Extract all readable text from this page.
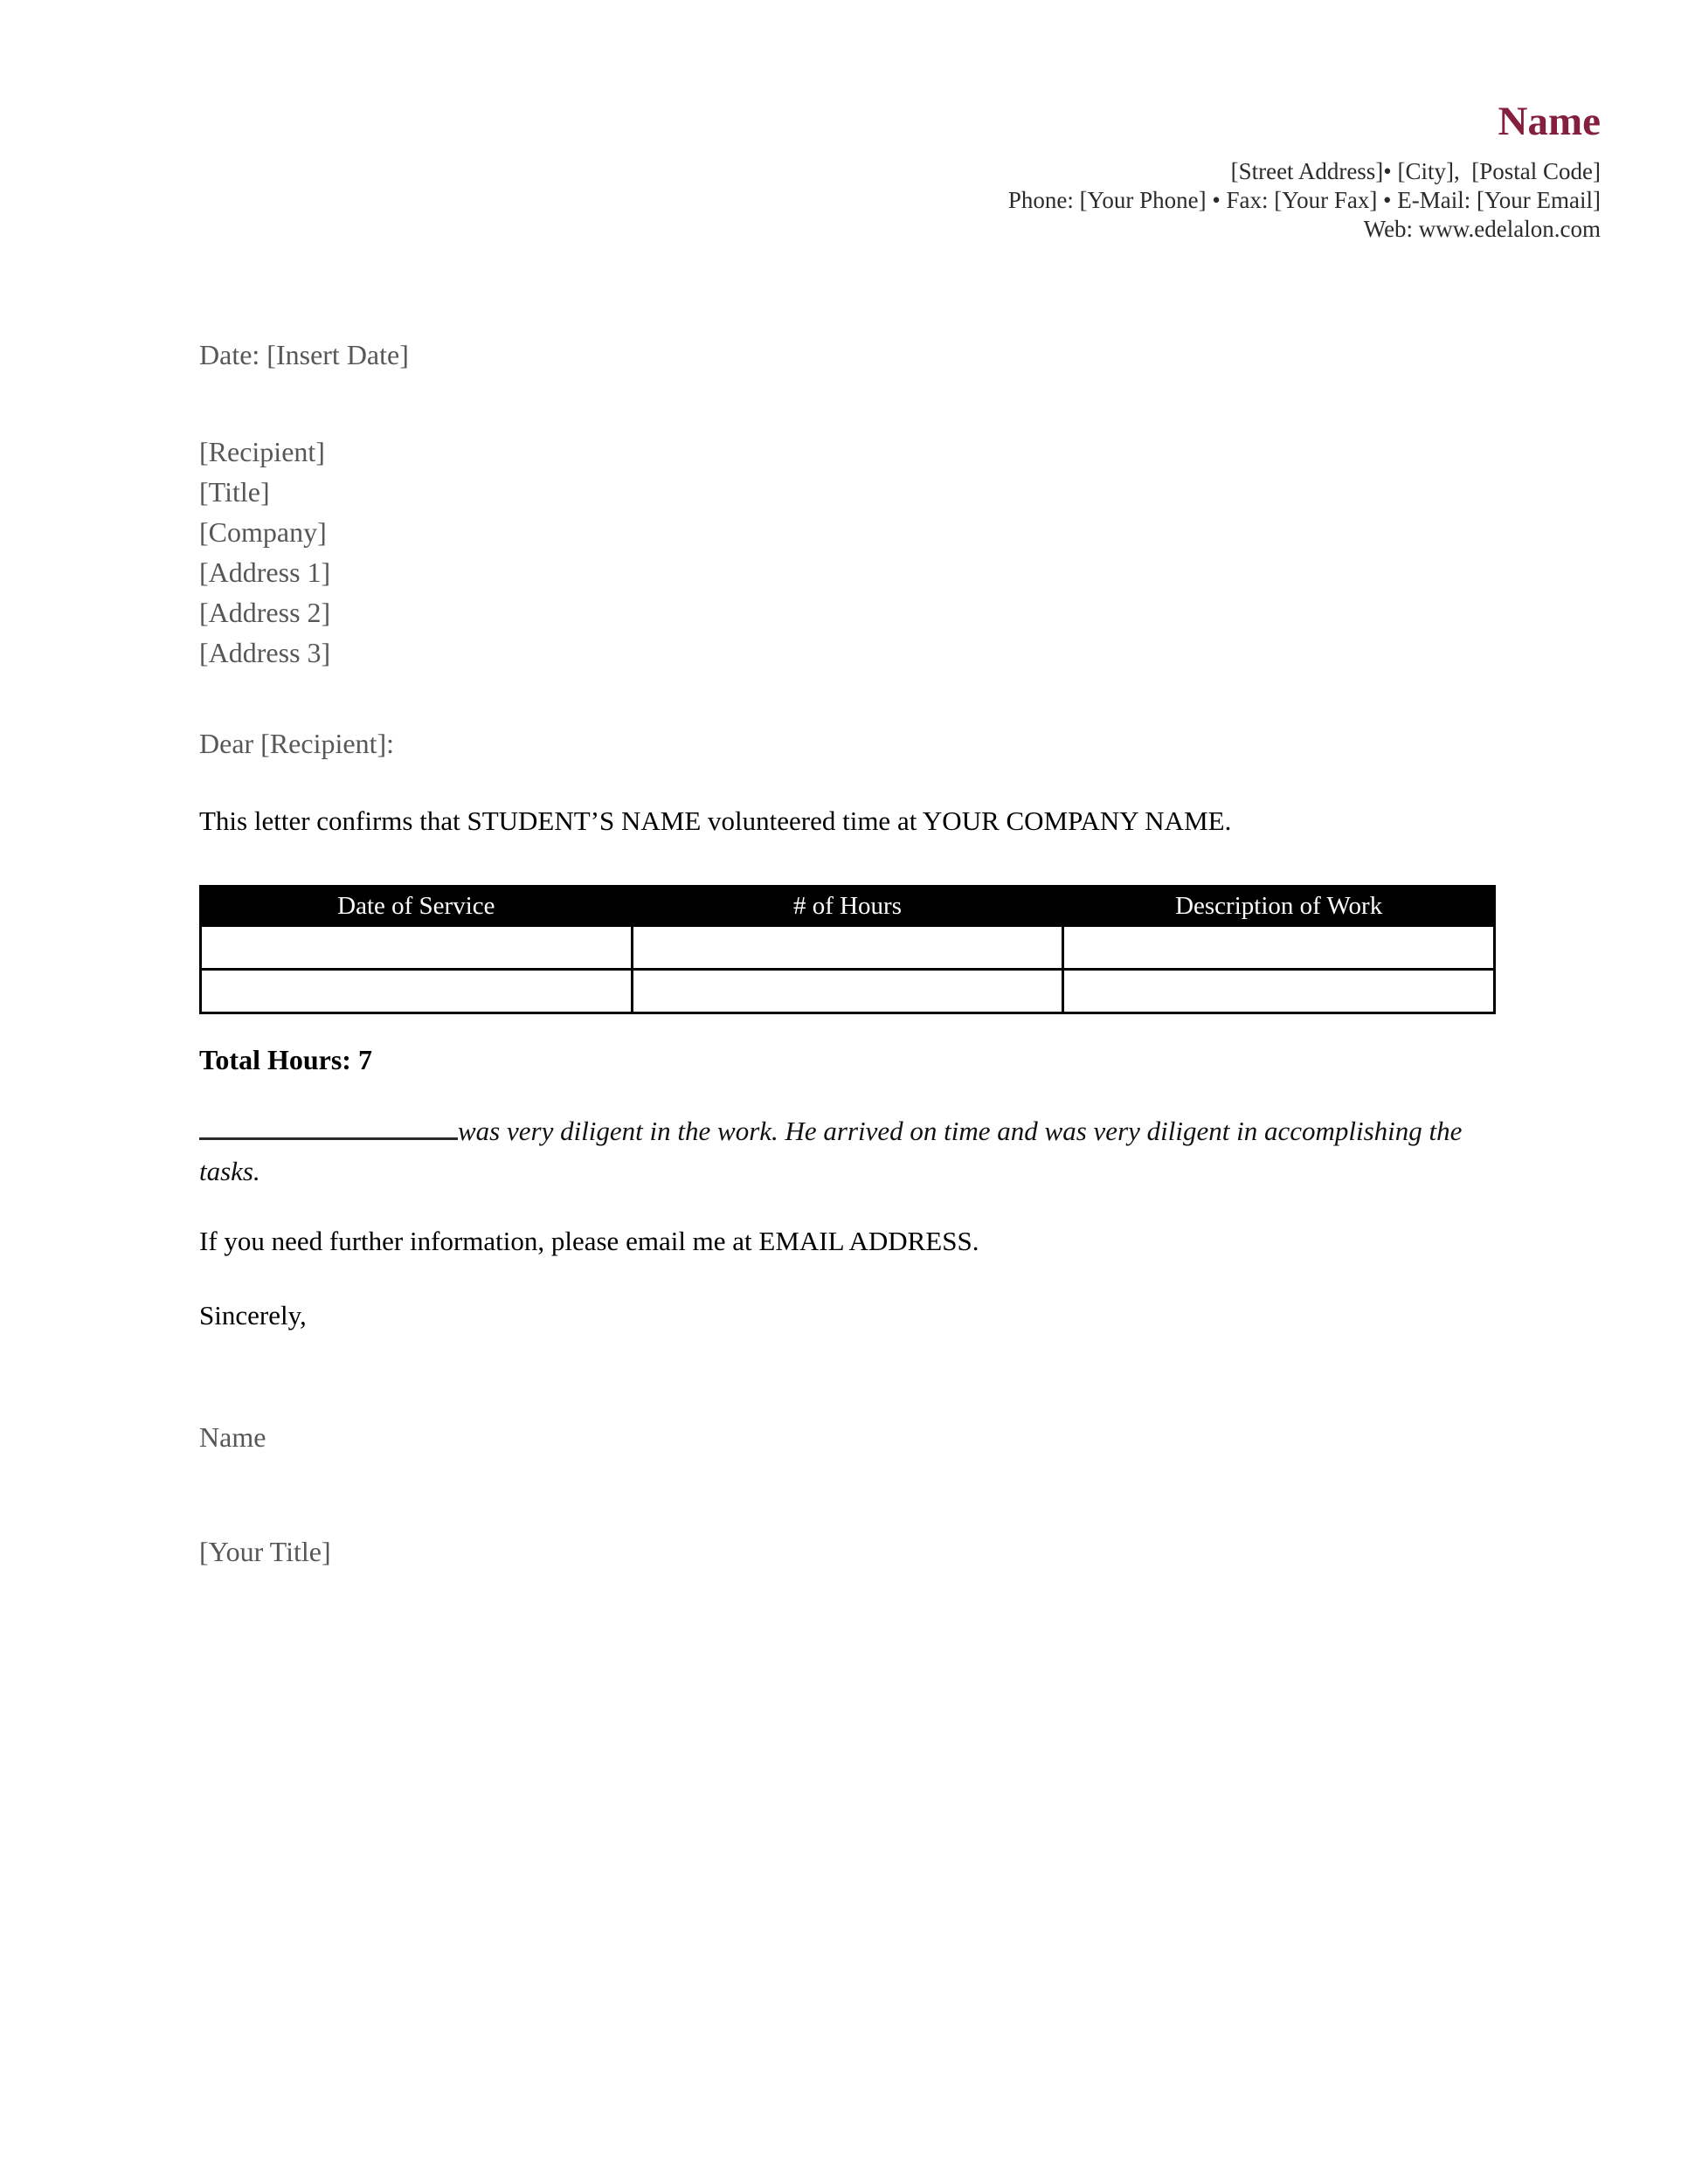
Name
[Street Address]• [City],  [Postal Code]
Phone: [Your Phone] • Fax: [Your Fax] • E-Mail: [Your Email]
Web: www.edelalon.com
Date: [Insert Date]
[Recipient]
[Title]
[Company]
[Address 1]
[Address 2]
[Address 3]
Dear [Recipient]:
This letter confirms that STUDENT’S NAME volunteered time at YOUR COMPANY NAME.
Date of Service	# of Hours	Description of Work

Total Hours: 7
was very diligent in the work. He arrived on time and was very diligent in accomplishing the tasks.
If you need further information, please email me at EMAIL ADDRESS.
Sincerely,
Name
[Your Title]
